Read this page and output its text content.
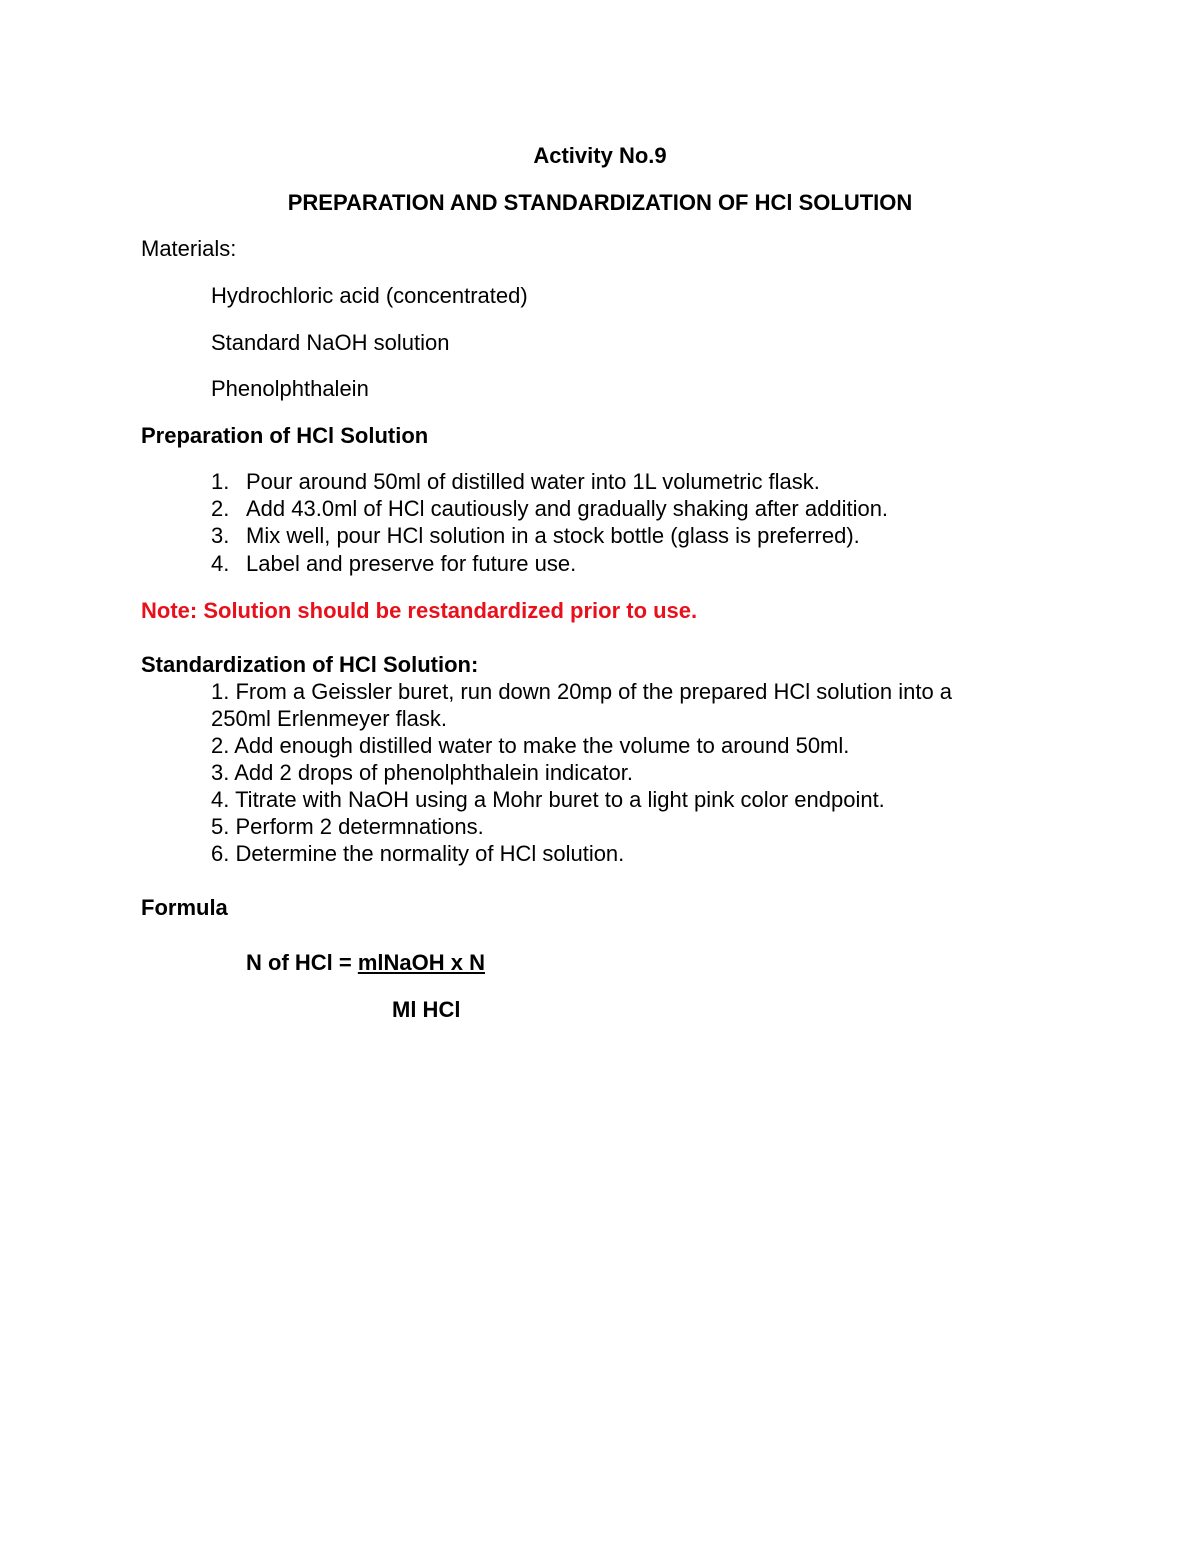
Activity No.9
PREPARATION AND STANDARDIZATION OF HCl SOLUTION
Materials:
Hydrochloric acid (concentrated)
Standard NaOH solution
Phenolphthalein
Preparation of HCl Solution
1. Pour around 50ml of distilled water into 1L volumetric flask.
2. Add 43.0ml of HCl cautiously and gradually shaking after addition.
3. Mix well, pour HCl solution in a stock bottle (glass is preferred).
4. Label and preserve for future use.
Note: Solution should be restandardized prior to use.
Standardization of HCl Solution:
1. From a Geissler buret, run down 20mp of the prepared HCl solution into a
250ml Erlenmeyer flask.
2. Add enough distilled water to make the volume to around 50ml.
3. Add 2 drops of phenolphthalein indicator.
4. Titrate with NaOH using a Mohr buret to a light pink color endpoint.
5. Perform 2 determnations.
6. Determine the normality of HCl solution.
Formula
N of HCl = mlNaOH x N
Ml HCl
